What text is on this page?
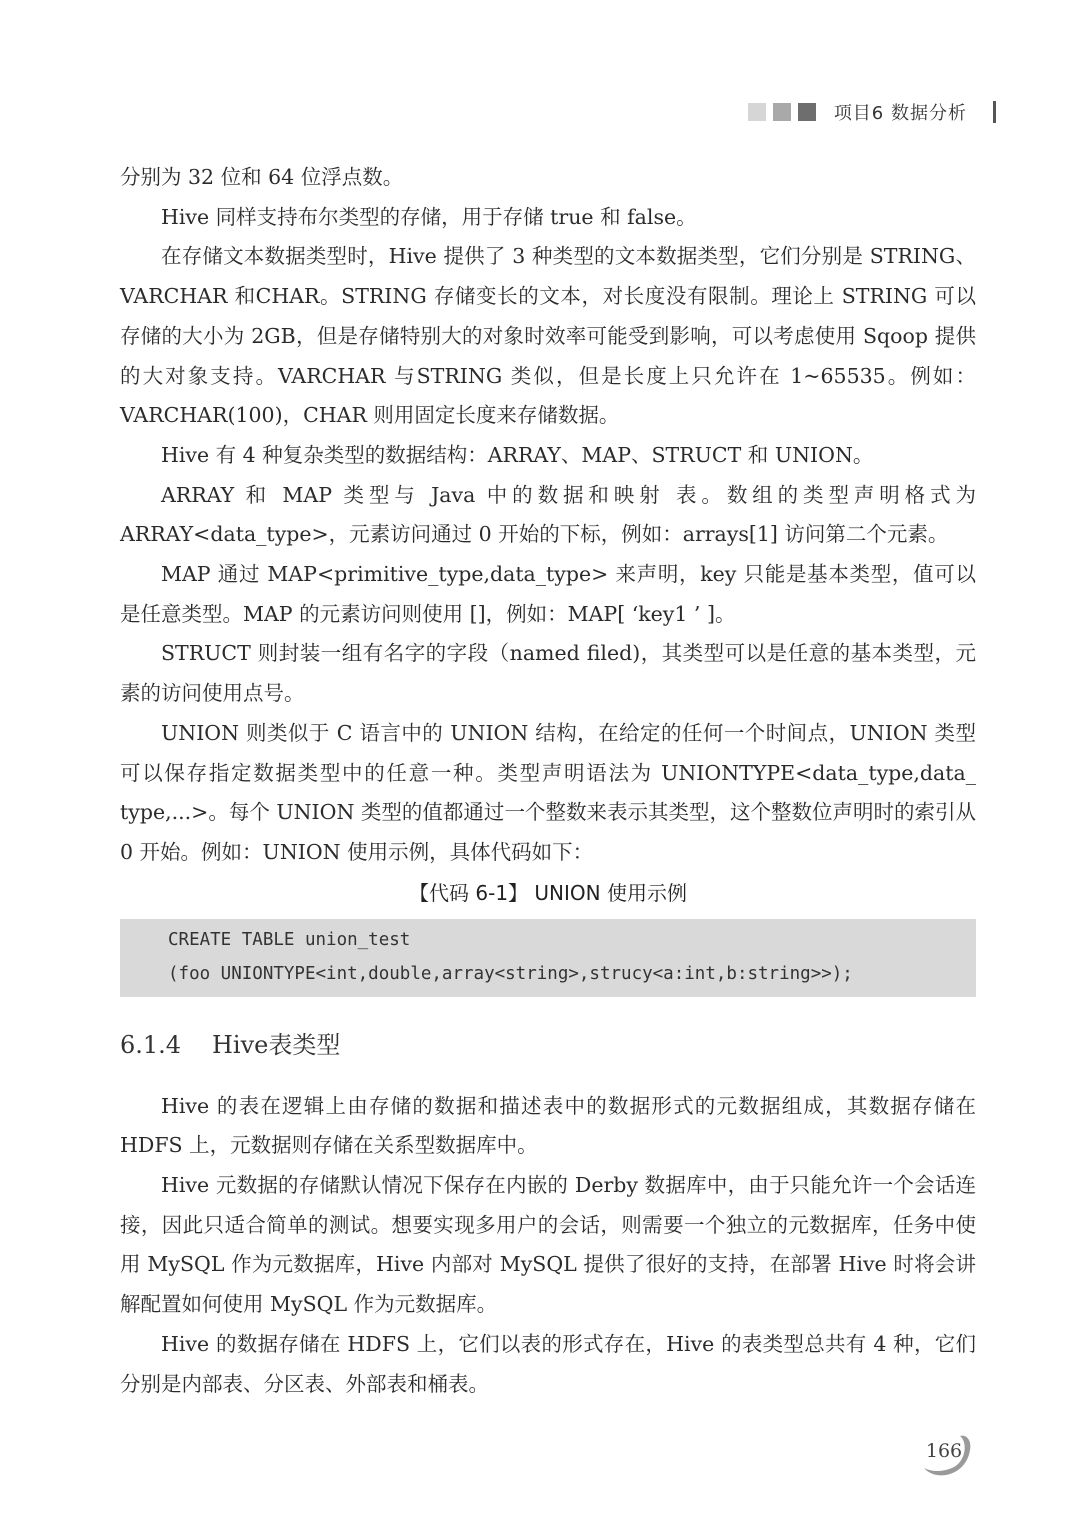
项目6 数据分析

分别为 32 位和 64 位浮点数。

Hive 同样支持布尔类型的存储，用于存储 true 和 false。

在存储文本数据类型时，Hive 提供了 3 种类型的文本数据类型，它们分别是 STRING、VARCHAR 和CHAR。STRING 存储变长的文本，对长度没有限制。理论上 STRING 可以存储的大小为 2GB，但是存储特别大的对象时效率可能受到影响，可以考虑使用 Sqoop 提供的大对象支持。VARCHAR 与STRING 类似，但是长度上只允许在 1~65535。例如：VARCHAR(100)，CHAR 则用固定长度来存储数据。

Hive 有 4 种复杂类型的数据结构：ARRAY、MAP、STRUCT 和 UNION。

ARRAY 和 MAP 类型与 Java 中的数据和映射 表。数组的类型声明格式为 ARRAY<data_type>，元素访问通过 0 开始的下标，例如：arrays[1] 访问第二个元素。

MAP 通过 MAP<primitive_type,data_type> 来声明，key 只能是基本类型，值可以是任意类型。MAP 的元素访问则使用 []，例如：MAP[ ‘key1 ’ ]。

STRUCT 则封装一组有名字的字段（named filed)，其类型可以是任意的基本类型，元素的访问使用点号。

UNION 则类似于 C 语言中的 UNION 结构，在给定的任何一个时间点，UNION 类型可以保存指定数据类型中的任意一种。类型声明语法为 UNIONTYPE<data_type,data_ type,...>。每个 UNION 类型的值都通过一个整数来表示其类型，这个整数位声明时的索引从 0 开始。例如：UNION 使用示例，具体代码如下：

【代码 6-1】 UNION 使用示例
CREATE TABLE union_test
(foo UNIONTYPE<int,double,array<string>,strucy<a:int,b:string>>);
6.1.4 Hive表类型

Hive 的表在逻辑上由存储的数据和描述表中的数据形式的元数据组成，其数据存储在 HDFS 上，元数据则存储在关系型数据库中。

Hive 元数据的存储默认情况下保存在内嵌的 Derby 数据库中，由于只能允许一个会话连接，因此只适合简单的测试。想要实现多用户的会话，则需要一个独立的元数据库，任务中使用 MySQL 作为元数据库，Hive 内部对 MySQL 提供了很好的支持，在部署 Hive 时将会讲解配置如何使用 MySQL 作为元数据库。

Hive 的数据存储在 HDFS 上，它们以表的形式存在，Hive 的表类型总共有 4 种，它们分别是内部表、分区表、外部表和桶表。

166
